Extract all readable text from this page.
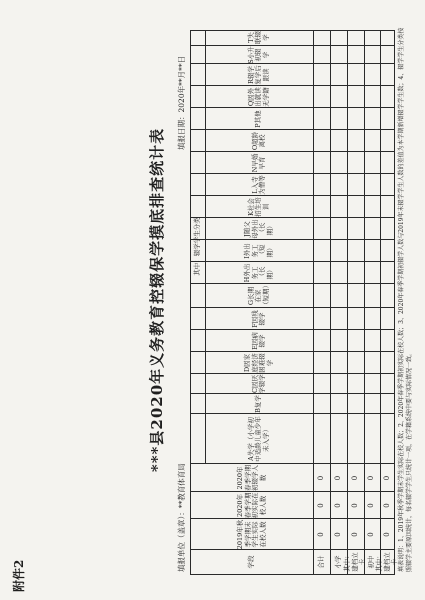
附件2
***县2020年义务教育控辍保学摸底排查统计表
填报单位（盖章）：**教育体育局
填报日期：2020年**月**日
学段
2019年秋季学期末学生实际在校人数
2020年春季学期初实际在校人数
2020年春季学期初辍学人数
其中：辍学学生分类
A失学（小学初中适龄儿童少年未入学）
B复学
C因厌学辍学
D因家庭经济困难辍学
E因病辍学
F因残辍学
G长期在家（短期）
H外出务工（长期）
I外出务工（短期）
J随父母外出（长期）
K社会招生培训
L入寺为僧等
N早婚早育
O超龄离校
P其他
Q因外出就读无学籍
R辍学复学后跟读
S小升初辍学
T失联辍学
合计
0
0
0
小学
0
0
0
其中：建档立卡
0
0
0
初中
0
0
0
其中：建档立卡
0
0
0	填表说明：1、2019年秋季学期末学生实际在校人数；2、2020年春季学期初实际在校人数；3、2020年春季学期初辍学人数与2019年末辍学学生人数的差值为本学期新增辍学学生数；4、辍学学生分类按照辍学主要原因统计，每名辍学学生只统计一项，在学籍系统中要与实际情况一致。
